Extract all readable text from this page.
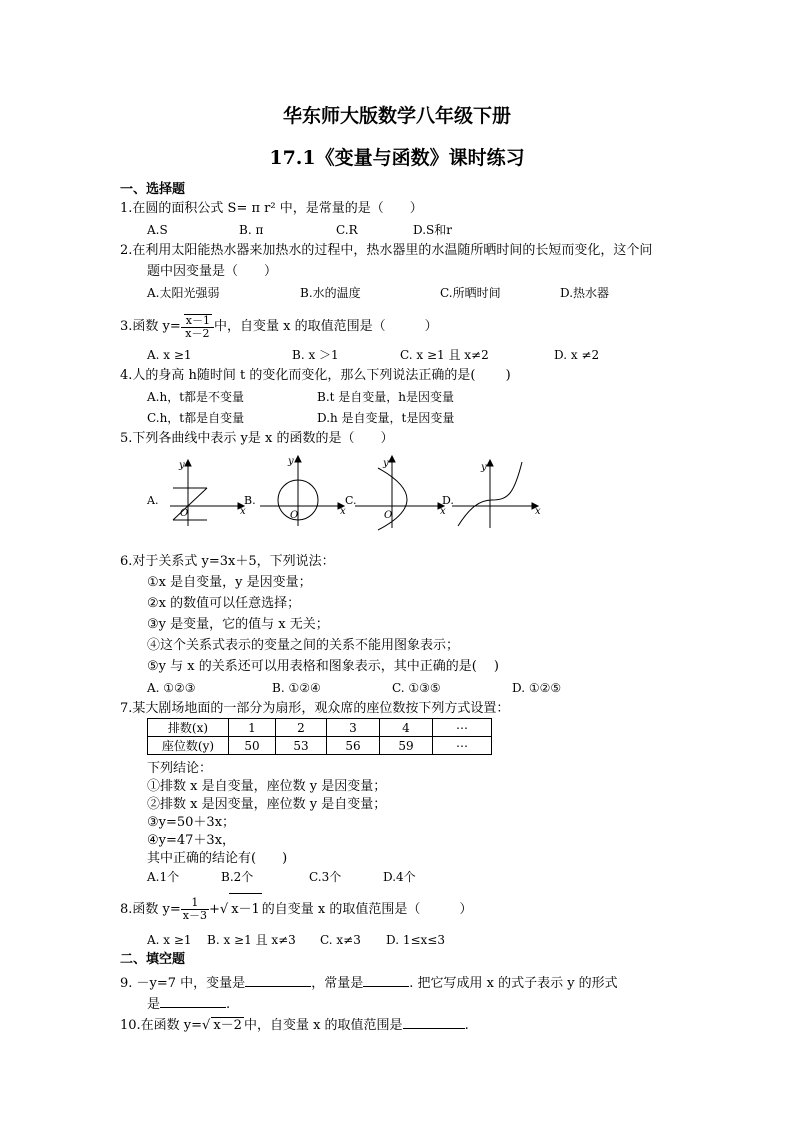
华东师大版数学八年级下册
17.1《变量与函数》课时练习
一、选择题
1.在圆的面积公式 S= π r² 中，是常量的是（　　）
A.S	B. π	C.R	D.S和r
2.在利用太阳能热水器来加热水的过程中，热水器里的水温随所晒时间的长短而变化，这个问
题中因变量是（　　）
A.太阳光强弱	B.水的温度	C.所晒时间	D.热水器
3.函数 $y= \frac{x-1}{x-2}$ 中，自变量 x 的取值范围是（　　　）
A. x ≥1	B. x ＞1	C. x ≥1 且 x≠2	D. x ≠2
4.人的身高 h随时间 t 的变化而变化，那么下列说法正确的是(　　 )
A.h，t都是不变量	B.t 是自变量，h是因变量
C.h，t都是自变量	D.h 是自变量，t是因变量
5.下列各曲线中表示 y是 x 的函数的是（　　）
A.	B.	C.	D.
x
y
O	x
y
O	x
y
O	x
y
6.对于关系式 y=3x＋5，下列说法：
①x 是自变量，y 是因变量；
②x 的数值可以任意选择；
③y 是变量，它的值与 x 无关；
④这个关系式表示的变量之间的关系不能用图象表示；
⑤y 与 x 的关系还可以用表格和图象表示，其中正确的是(　 )
A. ①②③	B. ①②④	C. ①③⑤	D. ①②⑤
7.某大剧场地面的一部分为扇形，观众席的座位数按下列方式设置：
排数(x)	1	2	3	4	⋯
座位数(y)	50	53	56	59	⋯
下列结论：
①排数 x 是自变量，座位数 y 是因变量；
②排数 x 是因变量，座位数 y 是自变量；
③y=50＋3x；
④y=47＋3x，
其中正确的结论有(　　)
A.1个	B.2个	C.3个	D.4个
8.函数 $y= \frac{1}{x-3}$ +√ x－1 的自变量 x 的取值范围是（　　　）
A. x ≥1 B. x ≥1 且 x≠3 C. x≠3 D. 1≤x≤3
二、填空题
9. －y=7 中，变量是	，常量是	. 把它写成用 x 的式子表示 y 的形式
是	.
10.在函数 y=√ x－2 中，自变量 x 的取值范围是	.
